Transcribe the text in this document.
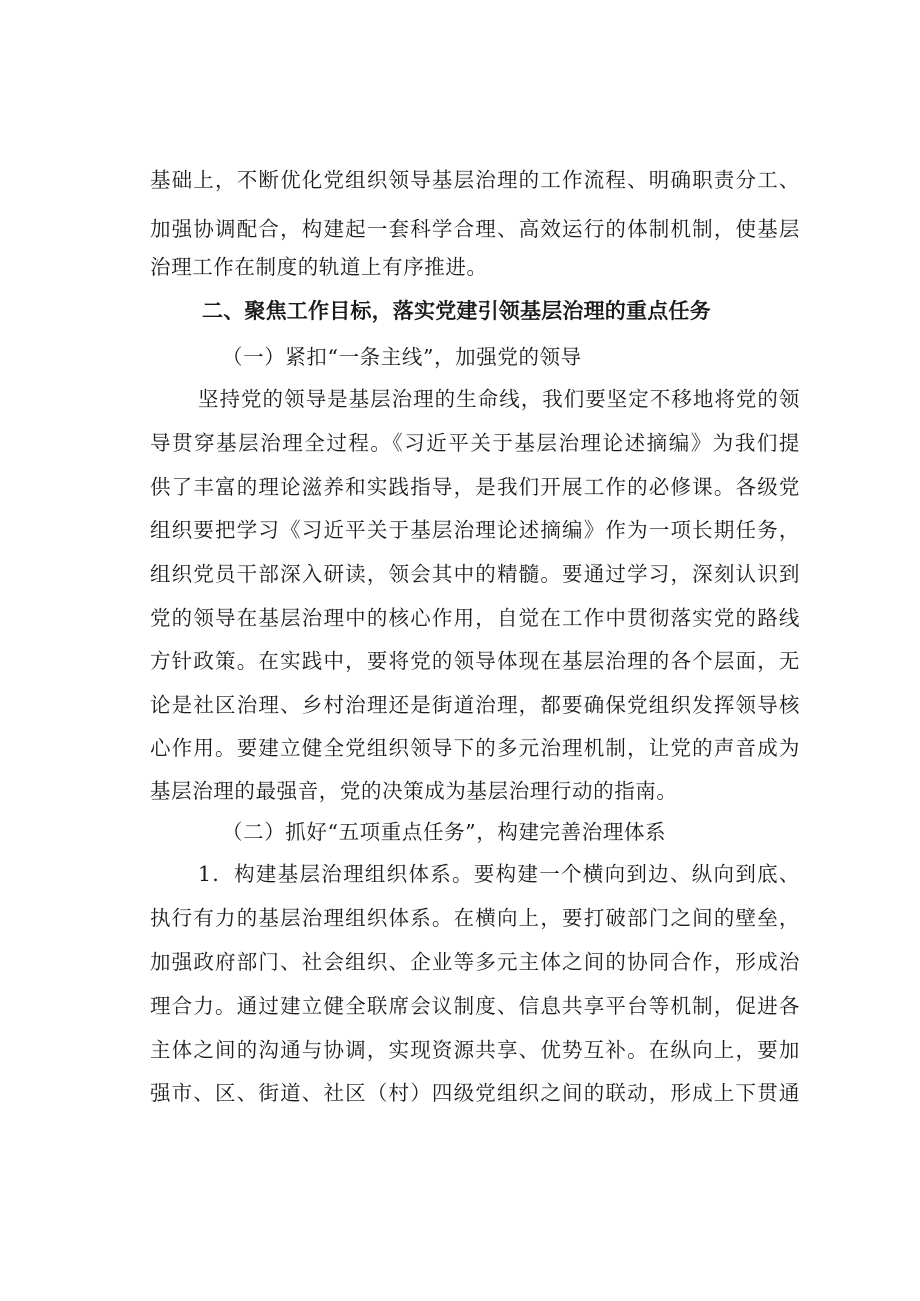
基础上，不断优化党组织领导基层治理的工作流程、明确职责分工、
加强协调配合，构建起一套科学合理、高效运行的体制机制，使基层
治理工作在制度的轨道上有序推进。
二、聚焦工作目标，落实党建引领基层治理的重点任务
（一）紧扣“一条主线”，加强党的领导
坚持党的领导是基层治理的生命线，我们要坚定不移地将党的领
导贯穿基层治理全过程。《习近平关于基层治理论述摘编》为我们提
供了丰富的理论滋养和实践指导，是我们开展工作的必修课。各级党
组织要把学习《习近平关于基层治理论述摘编》作为一项长期任务，
组织党员干部深入研读，领会其中的精髓。要通过学习，深刻认识到
党的领导在基层治理中的核心作用，自觉在工作中贯彻落实党的路线
方针政策。在实践中，要将党的领导体现在基层治理的各个层面，无
论是社区治理、乡村治理还是街道治理，都要确保党组织发挥领导核
心作用。要建立健全党组织领导下的多元治理机制，让党的声音成为
基层治理的最强音，党的决策成为基层治理行动的指南。
（二）抓好“五项重点任务”，构建完善治理体系
1．构建基层治理组织体系。要构建一个横向到边、纵向到底、
执行有力的基层治理组织体系。在横向上，要打破部门之间的壁垒，
加强政府部门、社会组织、企业等多元主体之间的协同合作，形成治
理合力。通过建立健全联席会议制度、信息共享平台等机制，促进各
主体之间的沟通与协调，实现资源共享、优势互补。在纵向上，要加
强市、区、街道、社区（村）四级党组织之间的联动，形成上下贯通
